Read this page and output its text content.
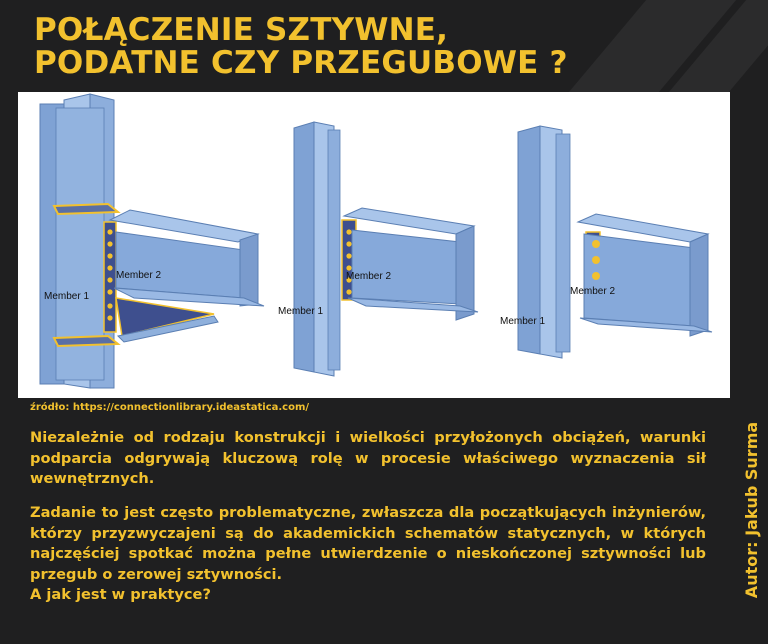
POŁĄCZENIE SZTYWNE,
PODATNE CZY PRZEGUBOWE ?
Member 1
Member 2
Member 1
Member 2
Member 1
Member 2
źródło: https://connectionlibrary.ideastatica.com/

Niezależnie od rodzaju konstrukcji i wielkości przyłożonych obciążeń, warunki podparcia odgrywają kluczową rolę w procesie właściwego wyznaczenia sił wewnętrznych.

Zadanie to jest często problematyczne, zwłaszcza dla początkujących inżynierów, którzy przyzwyczajeni są do akademickich schematów statycznych, w których najczęściej spotkać można pełne utwierdzenie o nieskończonej sztywności lub przegub o zerowej sztywności.
A jak jest w praktyce?	Autor: Jakub Surma
